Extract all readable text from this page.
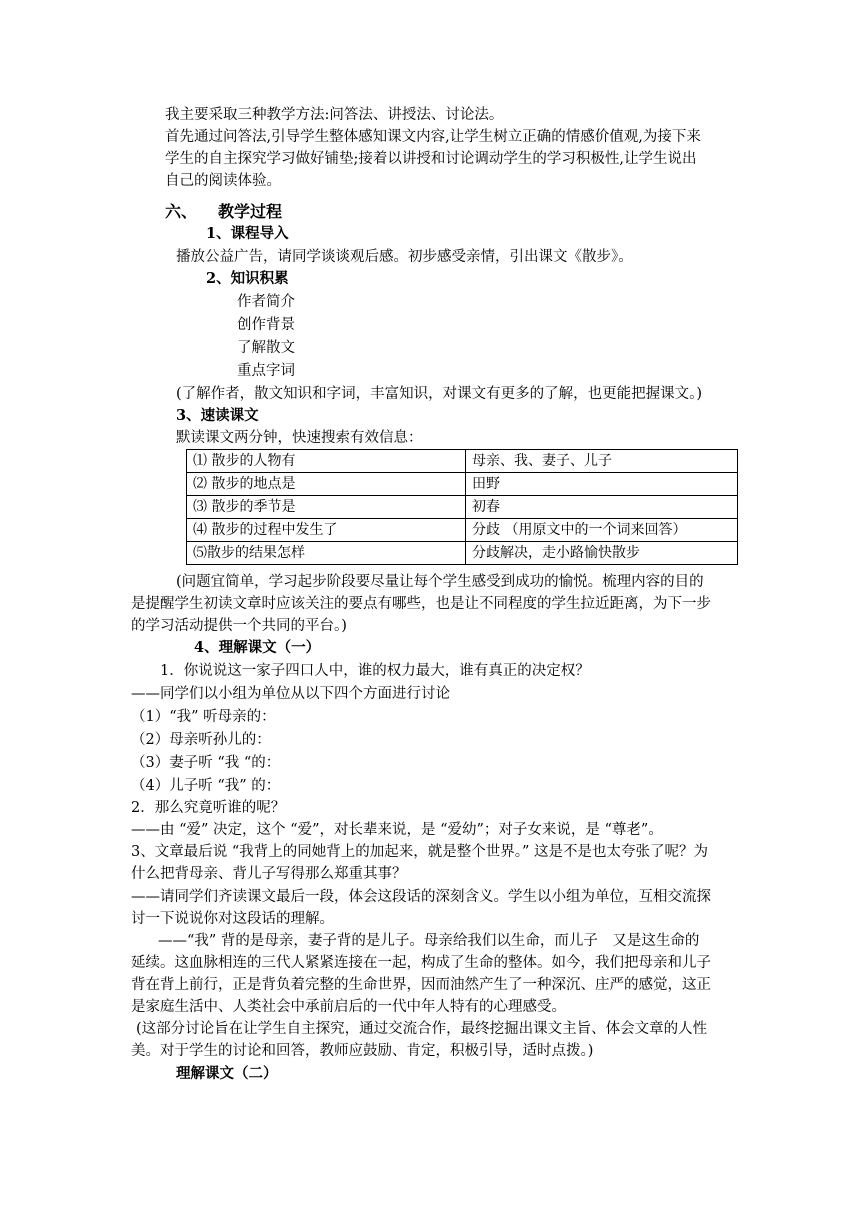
我主要采取三种教学方法:问答法、讲授法、讨论法。
首先通过问答法,引导学生整体感知课文内容,让学生树立正确的情感价值观,为接下来
学生的自主探究学习做好铺垫;接着以讲授和讨论调动学生的学习积极性,让学生说出
自己的阅读体验。
六、 教学过程
1、课程导入
播放公益广告，请同学谈谈观后感。初步感受亲情，引出课文《散步》。
2、知识积累
作者简介
创作背景
了解散文
重点字词
(了解作者，散文知识和字词，丰富知识，对课文有更多的了解，也更能把握课文。)
3、速读课文
默读课文两分钟，快速搜索有效信息：
⑴ 散步的人物有	母亲、我、妻子、儿子
⑵ 散步的地点是	田野
⑶ 散步的季节是	初春
⑷ 散步的过程中发生了	分歧 （用原文中的一个词来回答）
⑸散步的结果怎样	分歧解决，走小路愉快散步
(问题宜简单，学习起步阶段要尽量让每个学生感受到成功的愉悦。梳理内容的目的
是提醒学生初读文章时应该关注的要点有哪些，也是让不同程度的学生拉近距离，为下一步
的学习活动提供一个共同的平台。)
4、理解课文（一）
1．你说说这一家子四口人中，谁的权力最大，谁有真正的决定权？
——同学们以小组为单位从以下四个方面进行讨论
（1）“我” 听母亲的：
（2）母亲听孙儿的：
（3）妻子听 “我 “的：
（4）儿子听 “我” 的：
2．那么究竟听谁的呢？
——由 “爱” 决定，这个 “爱”，对长辈来说，是 “爱幼”；对子女来说，是 “尊老”。
3、文章最后说 “我背上的同她背上的加起来，就是整个世界。” 这是不是也太夸张了呢？为
什么把背母亲、背儿子写得那么郑重其事？
——请同学们齐读课文最后一段，体会这段话的深刻含义。学生以小组为单位，互相交流探
讨一下说说你对这段话的理解。
——“我” 背的是母亲，妻子背的是儿子。母亲给我们以生命，而儿子　又是这生命的
延续。这血脉相连的三代人紧紧连接在一起，构成了生命的整体。如今，我们把母亲和儿子
背在背上前行，正是背负着完整的生命世界，因而油然产生了一种深沉、庄严的感觉，这正
是家庭生活中、人类社会中承前启后的一代中年人特有的心理感受。
(这部分讨论旨在让学生自主探究，通过交流合作，最终挖掘出课文主旨、体会文章的人性
美。对于学生的讨论和回答，教师应鼓励、肯定，积极引导，适时点拨。)
理解课文（二）
